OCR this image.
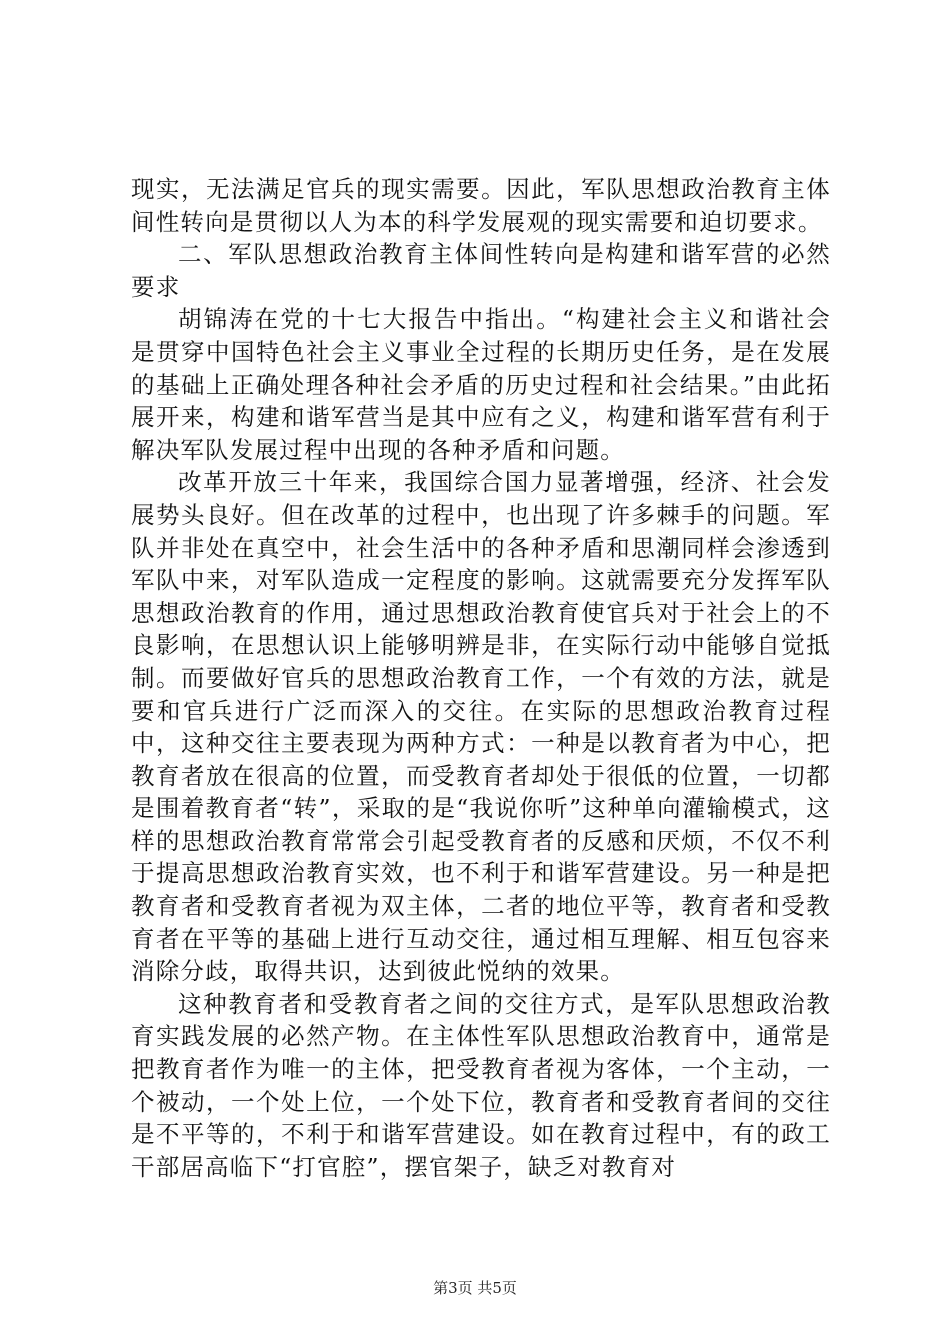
现实，无法满足官兵的现实需要。因此，军队思想政治教育主体间性转向是贯彻以人为本的科学发展观的现实需要和迫切要求。

二、军队思想政治教育主体间性转向是构建和谐军营的必然要求

胡锦涛在党的十七大报告中指出。“构建社会主义和谐社会是贯穿中国特色社会主义事业全过程的长期历史任务，是在发展的基础上正确处理各种社会矛盾的历史过程和社会结果。”由此拓展开来，构建和谐军营当是其中应有之义，构建和谐军营有利于解决军队发展过程中出现的各种矛盾和问题。

改革开放三十年来，我国综合国力显著增强，经济、社会发展势头良好。但在改革的过程中，也出现了许多棘手的问题。军队并非处在真空中，社会生活中的各种矛盾和思潮同样会渗透到军队中来，对军队造成一定程度的影响。这就需要充分发挥军队思想政治教育的作用，通过思想政治教育使官兵对于社会上的不良影响，在思想认识上能够明辨是非，在实际行动中能够自觉抵制。而要做好官兵的思想政治教育工作，一个有效的方法，就是要和官兵进行广泛而深入的交往。在实际的思想政治教育过程中，这种交往主要表现为两种方式：一种是以教育者为中心，把教育者放在很高的位置，而受教育者却处于很低的位置，一切都是围着教育者“转”，采取的是“我说你听”这种单向灌输模式，这样的思想政治教育常常会引起受教育者的反感和厌烦，不仅不利于提高思想政治教育实效，也不利于和谐军营建设。另一种是把教育者和受教育者视为双主体，二者的地位平等，教育者和受教育者在平等的基础上进行互动交往，通过相互理解、相互包容来消除分歧，取得共识，达到彼此悦纳的效果。

这种教育者和受教育者之间的交往方式，是军队思想政治教育实践发展的必然产物。在主体性军队思想政治教育中，通常是把教育者作为唯一的主体，把受教育者视为客体，一个主动，一个被动，一个处上位，一个处下位，教育者和受教育者间的交往是不平等的，不利于和谐军营建设。如在教育过程中，有的政工干部居高临下“打官腔”，摆官架子，缺乏对教育对

第3页 共5页
